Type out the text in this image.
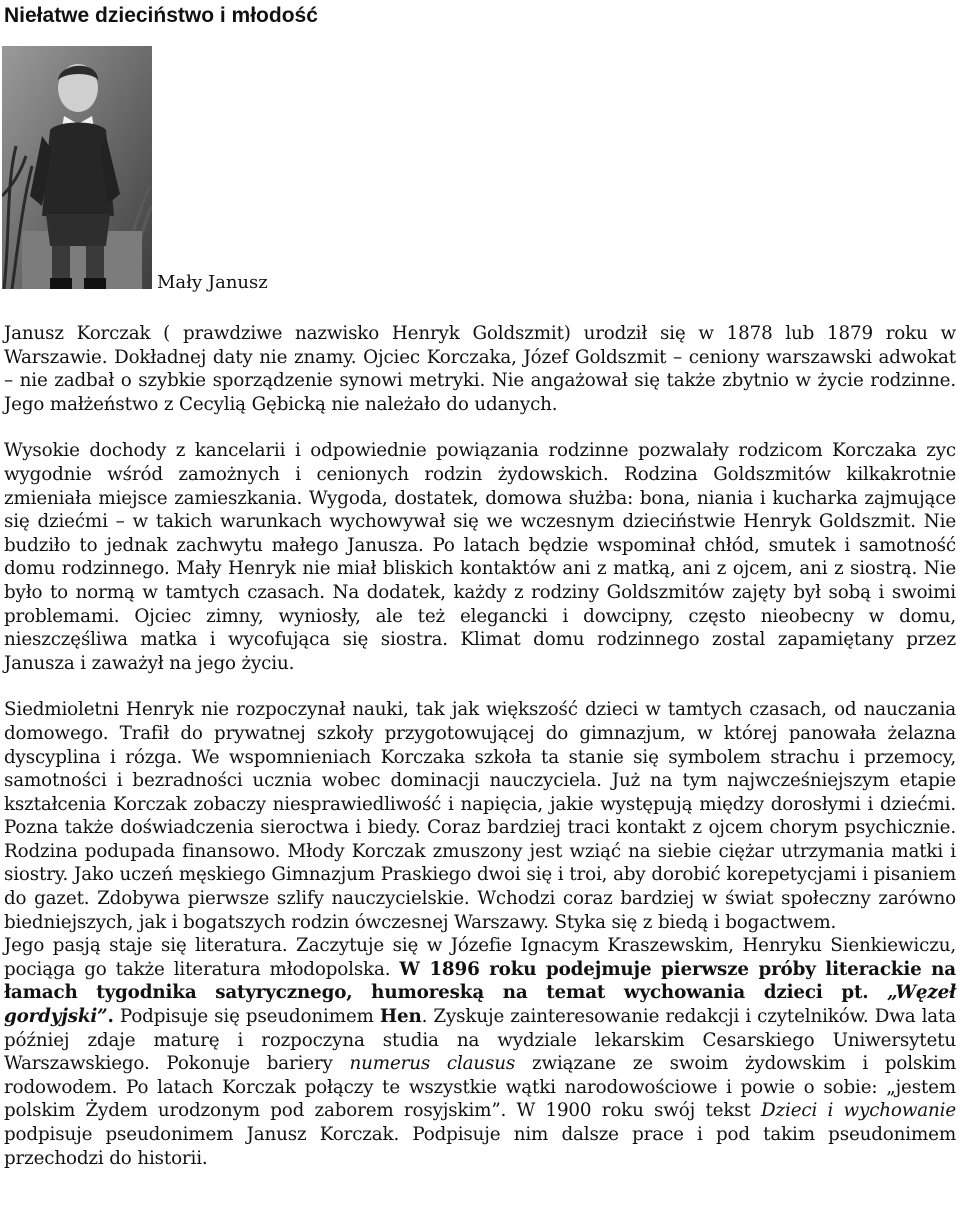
Niełatwe dzieciństwo i młodość
Mały Janusz

Janusz Korczak ( prawdziwe nazwisko Henryk Goldszmit) urodził się w 1878 lub 1879 roku w Warszawie. Dokładnej daty nie znamy. Ojciec Korczaka, Józef Goldszmit – ceniony warszawski adwokat – nie zadbał o szybkie sporządzenie synowi metryki. Nie angażował się także zbytnio w życie rodzinne. Jego małżeństwo z Cecylią Gębicką nie należało do udanych.

Wysokie dochody z kancelarii i odpowiednie powiązania rodzinne pozwalały rodzicom Korczaka zyc wygodnie wśród zamożnych i cenionych rodzin żydowskich. Rodzina Goldszmitów kilkakrotnie zmieniała miejsce zamieszkania. Wygoda, dostatek, domowa służba: bona, niania i kucharka zajmujące się dziećmi – w takich warunkach wychowywał się we wczesnym dzieciństwie Henryk Goldszmit. Nie budziło to jednak zachwytu małego Janusza. Po latach będzie wspominał chłód, smutek i samotność domu rodzinnego. Mały Henryk nie miał bliskich kontaktów ani z matką, ani z ojcem, ani z siostrą. Nie było to normą w tamtych czasach. Na dodatek, każdy z rodziny Goldszmitów zajęty był sobą i swoimi problemami. Ojciec zimny, wyniosły, ale też elegancki i dowcipny, często nieobecny w domu, nieszczęśliwa matka i wycofująca się siostra. Klimat domu rodzinnego zostal zapamiętany przez Janusza i zaważył na jego życiu.

Siedmioletni Henryk nie rozpoczynał nauki, tak jak większość dzieci w tamtych czasach, od nauczania domowego. Trafił do prywatnej szkoły przygotowującej do gimnazjum, w której panowała żelazna dyscyplina i rózga. We wspomnieniach Korczaka szkoła ta stanie się symbolem strachu i przemocy, samotności i bezradności ucznia wobec dominacji nauczyciela. Już na tym najwcześniejszym etapie kształcenia Korczak zobaczy niesprawiedliwość i napięcia, jakie występują między dorosłymi i dziećmi. Pozna także doświadczenia sieroctwa i biedy. Coraz bardziej traci kontakt z ojcem chorym psychicznie. Rodzina podupada finansowo. Młody Korczak zmuszony jest wziąć na siebie ciężar utrzymania matki i siostry. Jako uczeń męskiego Gimnazjum Praskiego dwoi się i troi, aby dorobić korepetycjami i pisaniem do gazet. Zdobywa pierwsze szlify nauczycielskie. Wchodzi coraz bardziej w świat społeczny zarówno biedniejszych, jak i bogatszych rodzin ówczesnej Warszawy. Styka się z biedą i bogactwem.

Jego pasją staje się literatura. Zaczytuje się w Józefie Ignacym Kraszewskim, Henryku Sienkiewiczu, pociąga go także literatura młodopolska. W 1896 roku podejmuje pierwsze próby literackie na łamach tygodnika satyrycznego, humoreską na temat wychowania dzieci pt. „Węzeł gordyjski”. Podpisuje się pseudonimem Hen. Zyskuje zainteresowanie redakcji i czytelników. Dwa lata później zdaje maturę i rozpoczyna studia na wydziale lekarskim Cesarskiego Uniwersytetu Warszawskiego. Pokonuje bariery numerus clausus związane ze swoim żydowskim i polskim rodowodem. Po latach Korczak połączy te wszystkie wątki narodowościowe i powie o sobie: „jestem polskim Żydem urodzonym pod zaborem rosyjskim”. W 1900 roku swój tekst Dzieci i wychowanie podpisuje pseudonimem Janusz Korczak. Podpisuje nim dalsze prace i pod takim pseudonimem przechodzi do historii.
